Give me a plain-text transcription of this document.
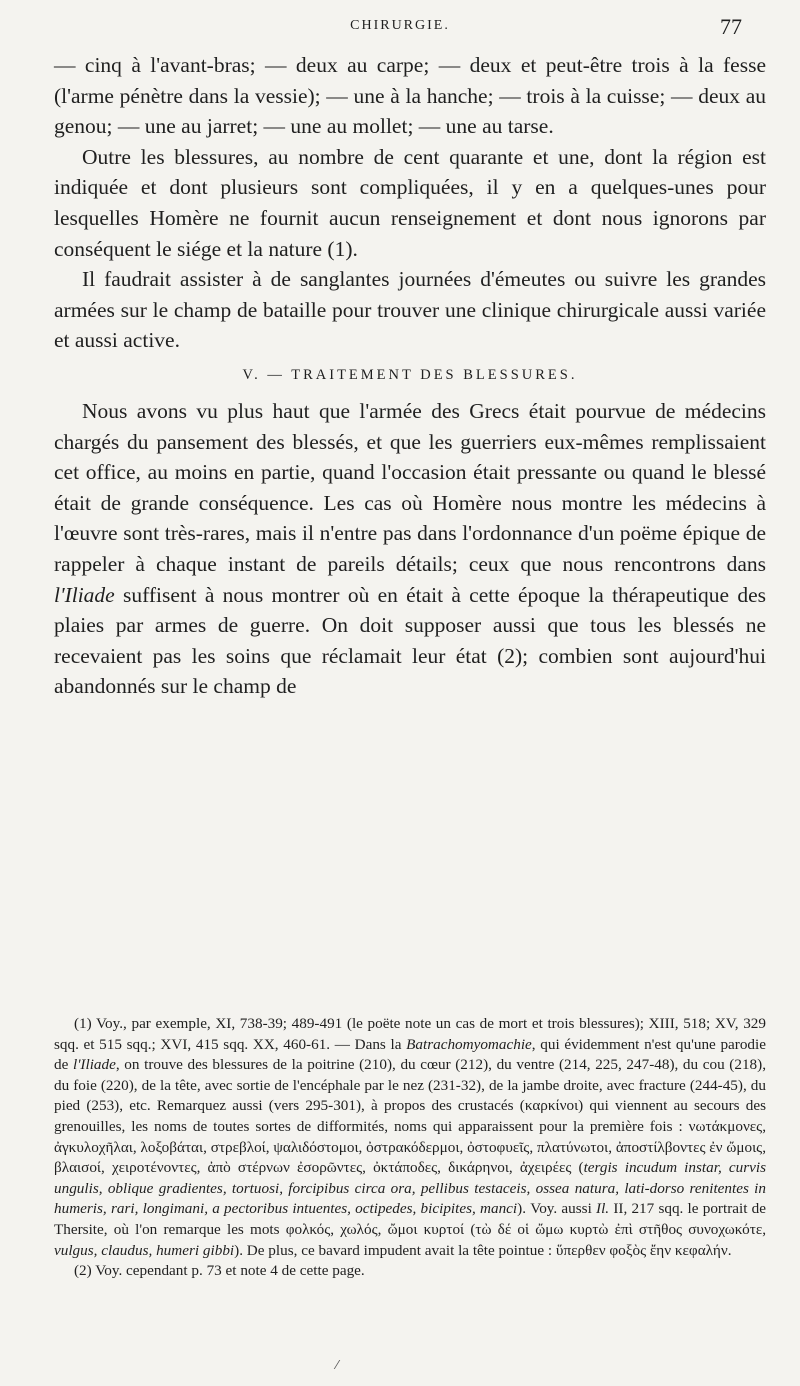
CHIRURGIE.	77

— cinq à l'avant-bras; — deux au carpe; — deux et peut-être trois à la fesse (l'arme pénètre dans la vessie); — une à la hanche; — trois à la cuisse; — deux au genou; — une au jarret; — une au mollet; — une au tarse.

Outre les blessures, au nombre de cent quarante et une, dont la région est indiquée et dont plusieurs sont compliquées, il y en a quelques-unes pour lesquelles Homère ne fournit aucun renseignement et dont nous ignorons par conséquent le siége et la nature (1).

Il faudrait assister à de sanglantes journées d'émeutes ou suivre les grandes armées sur le champ de bataille pour trouver une clinique chirurgicale aussi variée et aussi active.

V. — TRAITEMENT DES BLESSURES.

Nous avons vu plus haut que l'armée des Grecs était pourvue de médecins chargés du pansement des blessés, et que les guerriers eux-mêmes remplissaient cet office, au moins en partie, quand l'occasion était pressante ou quand le blessé était de grande conséquence. Les cas où Homère nous montre les médecins à l'œuvre sont très-rares, mais il n'entre pas dans l'ordonnance d'un poëme épique de rappeler à chaque instant de pareils détails; ceux que nous rencontrons dans l'Iliade suffisent à nous montrer où en était à cette époque la thérapeutique des plaies par armes de guerre. On doit supposer aussi que tous les blessés ne recevaient pas les soins que réclamait leur état (2); combien sont aujourd'hui abandonnés sur le champ de

(1) Voy., par exemple, XI, 738-39; 489-491 (le poëte note un cas de mort et trois blessures); XIII, 518; XV, 329 sqq. et 515 sqq.; XVI, 415 sqq. XX, 460-61. — Dans la Batrachomyomachie, qui évidemment n'est qu'une parodie de l'Iliade, on trouve des blessures de la poitrine (210), du cœur (212), du ventre (214, 225, 247-48), du cou (218), du foie (220), de la tête, avec sortie de l'encéphale par le nez (231-32), de la jambe droite, avec fracture (244-45), du pied (253), etc. Remarquez aussi (vers 295-301), à propos des crustacés (καρκίνοι) qui viennent au secours des grenouilles, les noms de toutes sortes de difformités, noms qui apparaissent pour la première fois : νωτάκμονες, ἀγκυλοχῆλαι, λοξοβάται, στρεβλοί, ψαλιδόστομοι, ὀστρακόδερμοι, ὀστοφυεῖς, πλατύνωτοι, ἀποστίλβοντες ἐν ὤμοις, βλαισοί, χειροτένοντες, ἀπὸ στέρνων ἐσορῶντες, ὀκτάποδες, δικάρηνοι, ἀχειρέες (tergis incudum instar, curvis ungulis, oblique gradientes, tortuosi, forcipibus circa ora, pellibus testaceis, ossea natura, lati-dorso renitentes in humeris, rari, longimani, a pectoribus intuentes, octipedes, bicipites, manci). Voy. aussi Il. II, 217 sqq. le portrait de Thersite, où l'on remarque les mots φολκός, χωλός, ὤμοι κυρτοί (τὼ δέ οἱ ὤμω κυρτὼ ἐπὶ στῆθος συνοχωκότε, vulgus, claudus, humeri gibbi). De plus, ce bavard impudent avait la tête pointue : ὕπερθεν φοξὸς ἔην κεφαλήν.

(2) Voy. cependant p. 73 et note 4 de cette page.

⁄
